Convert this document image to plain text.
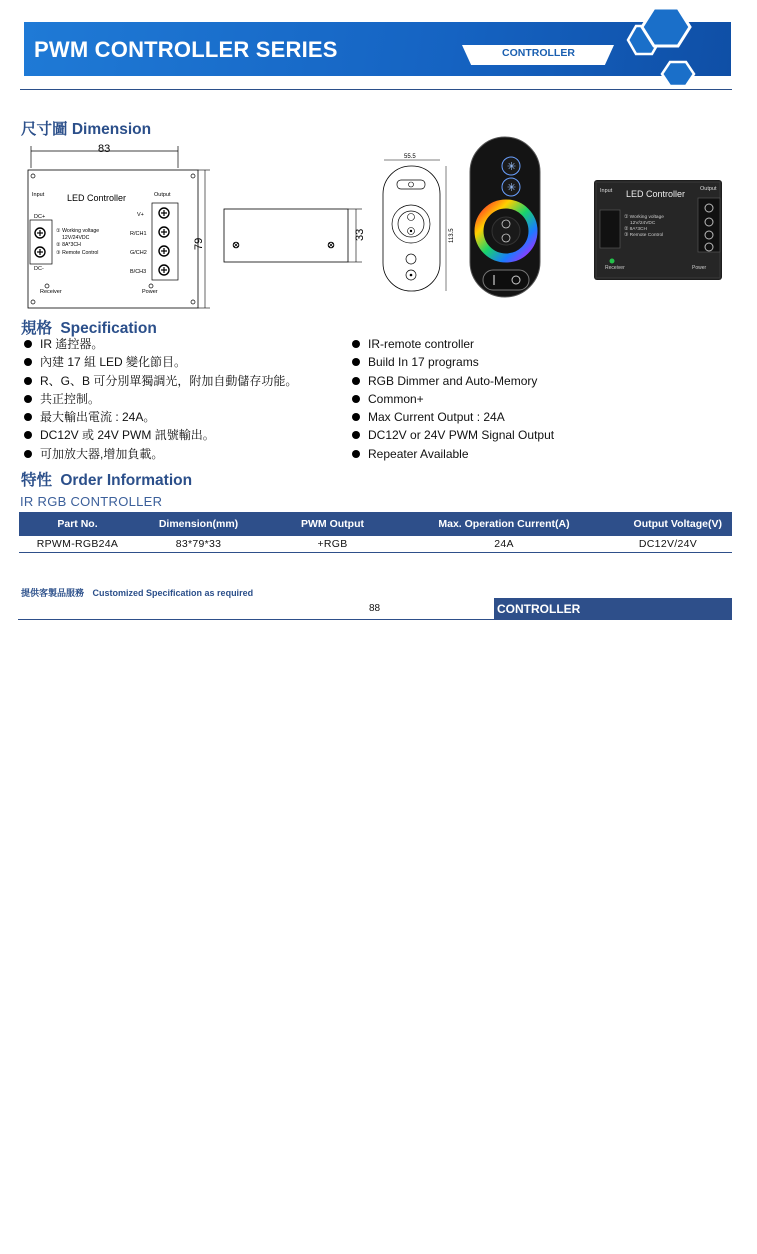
PWM CONTROLLER SERIES	CONTROLLER
尺寸圖 Dimension
83
79
Input	Output
LED Controller
DC+
DC-
① Working voltage
12V/24VDC
② 8A*3CH
③ Remote Control
V+
R/CH1
G/CH2
B/CH3
Receiver	Power
33
55.5
113.5
✳
✳	Input	Output
LED Controller
① Working voltage
12V/24VDC
② 8A*3CH
③ Remote Control
Receiver	Power
規格 Specification
IR 遙控器。
內建 17 組 LED 變化節目。
R、G、B 可分別單獨調光，附加自動儲存功能。
共正控制。
最大輸出電流 : 24A。
DC12V 或 24V PWM 訊號輸出。
可加放大器,增加負載。
IR-remote controller
Build In 17 programs
RGB Dimmer and Auto-Memory
Common+
Max Current Output : 24A
DC12V or 24V PWM Signal Output
Repeater Available
特性 Order Information
IR RGB CONTROLLER
Part No.	Dimension(mm)	PWM Output	Max. Operation Current(A)	Output Voltage(V)
RPWM-RGB24A	83*79*33	+RGB	24A	DC12V/24V
提供客製品服務 Customized Specification as required
88	CONTROLLER
